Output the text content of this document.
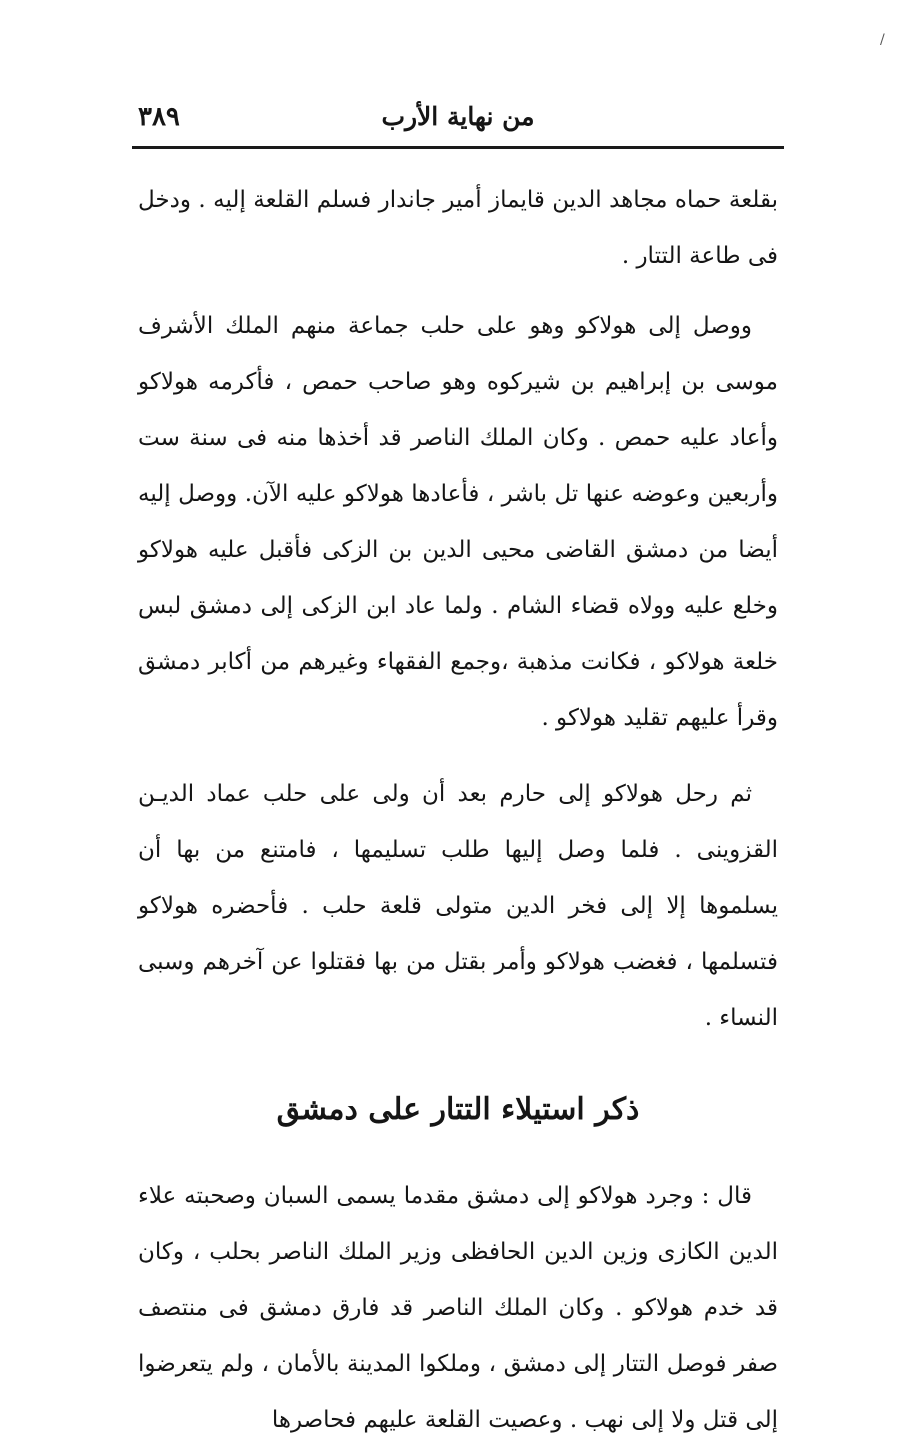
/
٣٨٩	من نهاية الأرب

بقلعة حماه مجاهد الدين قايماز أمير جاندار فسلم القلعة إليه . ودخل فى طاعة التتار .

ووصل إلى هولاكو وهو على حلب جماعة منهم الملك الأشرف موسى بن إبراهيم بن شيركوه وهو صاحب حمص ، فأكرمه هولاكو وأعاد عليه حمص . وكان الملك الناصر قد أخذها منه فى سنة ست وأربعين وعوضه عنها تل باشر ، فأعادها هولاكو عليه الآن. ووصل إليه أيضا من دمشق القاضى محيى الدين بن الزكى فأقبل عليه هولاكو وخلع عليه وولاه قضاء الشام . ولما عاد ابن الزكى إلى دمشق لبس خلعة هولاكو ، فكانت مذهبة ،وجمع الفقهاء وغيرهم من أكابر دمشق وقرأ عليهم تقليد هولاكو .

ثم رحل هولاكو إلى حارم بعد أن ولى على حلب عماد الديـن القزوينى . فلما وصل إليها طلب تسليمها ، فامتنع من بها أن يسلموها إلا إلى فخر الدين متولى قلعة حلب . فأحضره هولاكو فتسلمها ، فغضب هولاكو وأمر بقتل من بها فقتلوا عن آخرهم وسبى النساء .

ذكر استيلاء التتار على دمشق

قال : وجرد هولاكو إلى دمشق مقدما يسمى السبان وصحبته علاء الدين الكازى وزين الدين الحافظى وزير الملك الناصر بحلب ، وكان قد خدم هولاكو . وكان الملك الناصر قد فارق دمشق فى منتصف صفر فوصل التتار إلى دمشق ، وملكوا المدينة بالأمان ، ولم يتعرضوا إلى قتل ولا إلى نهب . وعصيت القلعة عليهم فحاصرها
